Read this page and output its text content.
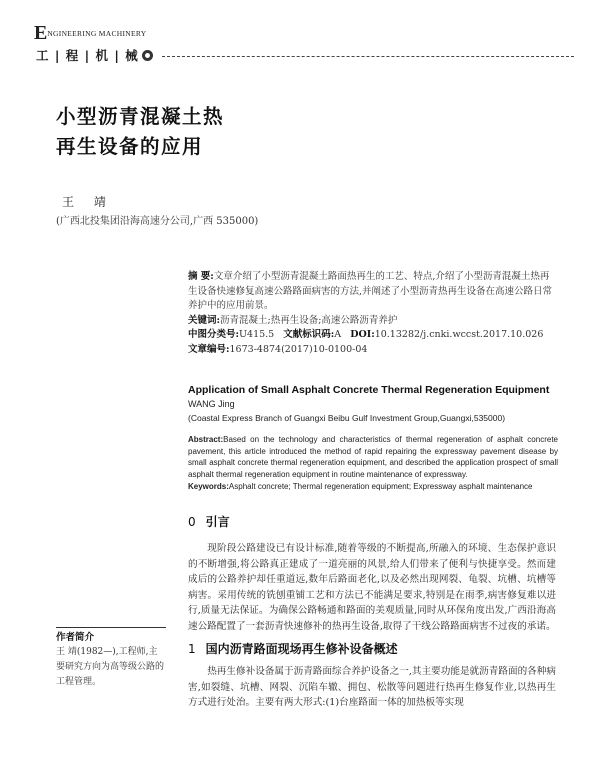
ENGINEERING MACHINERY
工 | 程 | 机 | 械
小型沥青混凝土热
再生设备的应用
王 靖
(广西北投集团沿海高速分公司,广西 535000)

摘 要:文章介绍了小型沥青混凝土路面热再生的工艺、特点,介绍了小型沥青混凝土热再生设备快速修复高速公路路面病害的方法,并阐述了小型沥青热再生设备在高速公路日常养护中的应用前景。

关键词:沥青混凝土;热再生设备;高速公路沥青养护

中图分类号:U415.5 文献标识码:A DOI:10.13282/j.cnki.wccst.2017.10.026

文章编号:1673-4874(2017)10-0100-04

Application of Small Asphalt Concrete Thermal Regeneration Equipment
WANG Jing
(Coastal Express Branch of Guangxi Beibu Gulf Investment Group,Guangxi,535000)
Abstract:Based on the technology and characteristics of thermal regeneration of asphalt concrete pavement, this article introduced the method of rapid repairing the expressway pavement disease by small asphalt concrete thermal regeneration equipment, and described the application prospect of small asphalt thermal regeneration equipment in routine maintenance of expressway.
Keywords:Asphalt concrete; Thermal regeneration equipment; Expressway asphalt maintenance
0 引言
现阶段公路建设已有设计标准,随着等级的不断提高,所融入的环境、生态保护意识的不断增强,将公路真正建成了一道亮丽的风景,给人们带来了便利与快捷享受。然而建成后的公路养护却任重道远,数年后路面老化,以及必然出现网裂、龟裂、坑槽、坑槽等病害。采用传统的铣刨重铺工艺和方法已不能满足要求,特别是在雨季,病害修复难以进行,质量无法保证。为确保公路畅通和路面的美观质量,同时从环保角度出发,广西沿海高速公路配置了一套沥青快速修补的热再生设备,取得了干线公路路面病害不过夜的承诺。
1 国内沥青路面现场再生修补设备概述
热再生修补设备属于沥青路面综合养护设备之一,其主要功能是就沥青路面的各种病害,如裂缝、坑槽、网裂、沉陷车辙、拥包、松散等问题进行热再生修复作业,以热再生方式进行处治。主要有两大形式:(1)台座路面一体的加热板等实现
作者简介
王 靖(1982—),工程师,主要研究方向为高等级公路的工程管理。
